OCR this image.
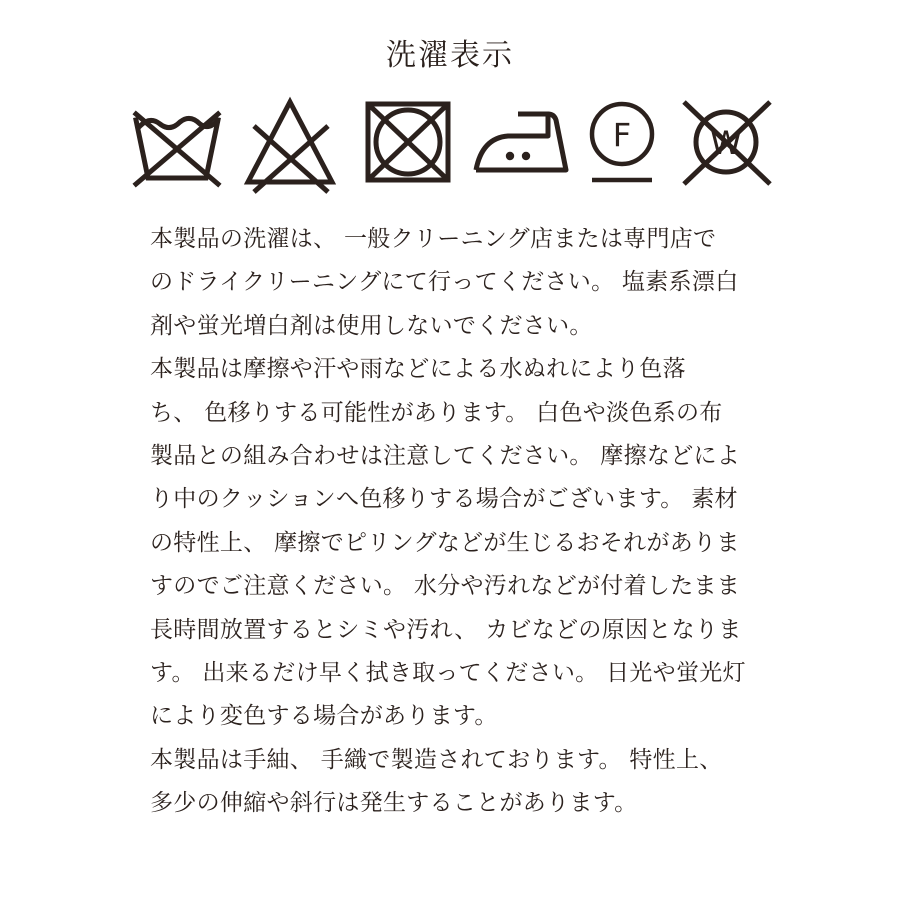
洗濯表示
F W
本製品の洗濯は、 一般クリーニング店または専門店で
のドライクリーニングにて行ってください。 塩素系漂白
剤や蛍光増白剤は使用しないでください。
本製品は摩擦や汗や雨などによる水ぬれにより色落
ち、 色移りする可能性があります。 白色や淡色系の布
製品との組み合わせは注意してください。 摩擦などによ
り中のクッションへ色移りする場合がございます。 素材
の特性上、 摩擦でピリングなどが生じるおそれがありま
すのでご注意ください。 水分や汚れなどが付着したまま
長時間放置するとシミや汚れ、 カビなどの原因となりま
す。 出来るだけ早く拭き取ってください。 日光や蛍光灯
により変色する場合があります。
本製品は手紬、 手織で製造されております。 特性上、
多少の伸縮や斜行は発生することがあります。
